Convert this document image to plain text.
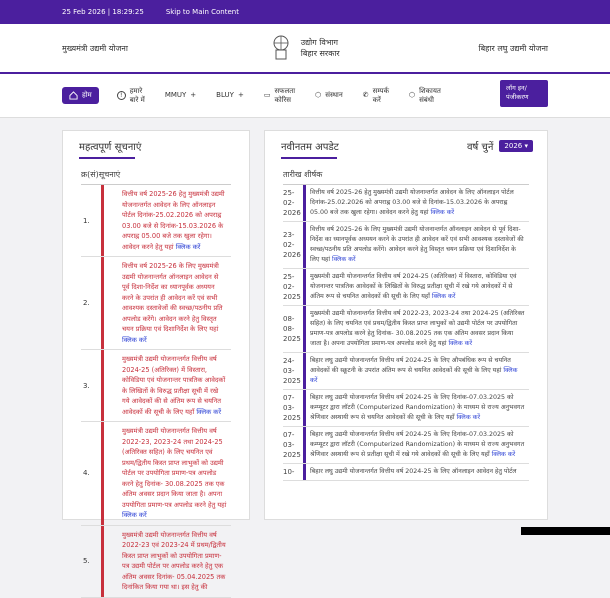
25 Feb 2026 | 18:29:25	Skip to Main Content
मुख्यमंत्री उद्यमी योजना
उद्योग विभाग
बिहार सरकार
बिहार लघु उद्यमी योजना
होम	!
हमारे
बारे में
MMUY +	BLUY +	▭
सफलता
कोरिस
⬡ संस्थान	✆
सम्पर्क
करें
⬡
शिकायत
संबंधी
लॉग इन/ पंजीकरण
महत्वपूर्ण सूचनाएं
क्र(सं)सूचनाएं
1.
वित्तीय वर्ष 2025-26 हेतु मुख्यमंत्री उद्यमी योजनान्तर्गत आवेदन के लिए ऑनलाइन पोर्टल दिनांक-25.02.2026 को अपराह्न 03.00 बजे से दिनांक-15.03.2026 के अपराह्न 05.00 बजे तक खुला रहेगा। आवेदन करने हेतु यहां क्लिक करें
2.
वित्तीय वर्ष 2025-26 के लिए मुख्यमंत्री उद्यमी योजनान्तर्गत ऑनलाइन आवेदन से पूर्व दिशा-निर्देश का ध्यानपूर्वक अध्ययन करने के उपरांत ही आवेदन करें एवं सभी आवश्यक दस्तावेजों की स्वच्छ/पठनीय प्रति अपलोड करेंगे। आवेदन करने हेतु विस्तृत चयन प्रक्रिया एवं दिशानिर्देश के लिए यहां क्लिक करें
3.
मुख्यमंत्री उद्यमी योजनान्तर्गत वित्तीय वर्ष 2024-25 (अतिरिक्त) में विस्तारा, कोविडिया एवं योजनान्तर पात्रतिक आवेदकों के लिखितों के विरुद्ध प्रतीक्षा सूची में रखे गये आवेदकों की से अंतिम रूप से चयनित आवेदकों की सूची के लिए यहाँ क्लिक करें
4.
मुख्यमंत्री उद्यमी योजनान्तर्गत वित्तीय वर्ष 2022-23, 2023-24 तथा 2024-25 (अतिरिक्त सहित) के लिए चयनित एवं प्रथम/द्वितीय किस्त प्राप्त लाभुकों को उद्यमी पोर्टल पर उपयोगिता प्रमाण-पत्र अपलोड करने हेतु दिनांक- 30.08.2025 तक एक अंतिम अवसर प्रदान किया जाता है। अपना उपयोगिता प्रमाण-पत्र अपलोड करने हेतु यहां क्लिक करें
5.
मुख्यमंत्री उद्यमी योजनान्तर्गत वित्तीय वर्ष 2022-23 एवं 2023-24 में प्रथम/द्वितीय किस्त प्राप्त लाभुकों को उपयोगिता प्रमाण-पत्र उद्यमी पोर्टल पर अपलोड करने हेतु एक अंतिम अवसर दिनांक- 05.04.2025 तक दिनांकित किया गया था। इस हेतु की
नवीनतम अपडेट	वर्ष चुनें	2026 ▾
तारीख शीर्षक
25-02-2026
वित्तीय वर्ष 2025-26 हेतु मुख्यमंत्री उद्यमी योजनान्तर्गत आवेदन के लिए ऑनलाइन पोर्टल दिनांक-25.02.2026 को अपराह्न 03.00 बजे से दिनांक-15.03.2026 के अपराह्न 05.00 बजे तक खुला रहेगा। आवेदन करने हेतु यहां क्लिक करें
23-02-2026
वित्तीय वर्ष 2025-26 के लिए मुख्यमंत्री उद्यमी योजनान्तर्गत ऑनलाइन आवेदन से पूर्व दिशा-निर्देश का ध्यानपूर्वक अध्ययन करने के उपरांत ही आवेदन करें एवं सभी आवश्यक दस्तावेजों की स्वच्छ/पठनीय प्रति अपलोड करेंगे। आवेदन करने हेतु विस्तृत चयन प्रक्रिया एवं दिशानिर्देश के लिए यहां क्लिक करें
25-02-2025
मुख्यमंत्री उद्यमी योजनान्तर्गत वित्तीय वर्ष 2024-25 (अतिरिक्त) में विस्तारा, कोविडिया एवं योजनान्तर पात्रतिक आवेदकों के लिखितों के विरुद्ध प्रतीक्षा सूची में रखे गये आवेदकों में से अंतिम रूप से चयनित आवेदकों की सूची के लिए यहाँ क्लिक करें
08-08-2025
मुख्यमंत्री उद्यमी योजनान्तर्गत वित्तीय वर्ष 2022-23, 2023-24 तथा 2024-25 (अतिरिक्त सहित) के लिए चयनित एवं प्रथम/द्वितीय किस्त प्राप्त लाभुकों को उद्यमी पोर्टल पर उपयोगिता प्रमाण-पत्र अपलोड करने हेतु दिनांक- 30.08.2025 तक एक अंतिम अवसर प्रदान किया जाता है। अपना उपयोगिता प्रमाण-पत्र अपलोड करने हेतु यहां क्लिक करें
24-03-2025
बिहार लघु उद्यमी योजनान्तर्गत वित्तीय वर्ष 2024-25 के लिए औपबंधिक रूप से चयनित आवेदकों की स्क्रूटनी के उपरांत अंतिम रूप से चयनित आवेदकों की सूची के लिए यहां क्लिक करें
07-03-2025
बिहार लघु उद्यमी योजनान्तर्गत वित्तीय वर्ष 2024-25 के लिए दिनांक-07.03.2025 को कम्प्यूटर द्वारा लॉटरी (Computerized Randomization) के माध्यम से राज्य अनुभवगत श्रेणिवार अस्थायी रूप से चयनित आवेदकों की सूची के लिए यहाँ क्लिक करें
07-03-2025
बिहार लघु उद्यमी योजनान्तर्गत वित्तीय वर्ष 2024-25 के लिए दिनांक-07.03.2025 को कम्प्यूटर द्वारा लॉटरी (Computerized Randomization) के माध्यम से राज्य अनुभवगत श्रेणिवार अस्थायी रूप से प्रतीक्षा सूची में रखे गये आवेदकों की सूची के लिए यहाँ क्लिक करें
10-	बिहार लघु उद्यमी योजनान्तर्गत वित्तीय वर्ष 2024-25 के लिए ऑनलाइन आवेदन हेतु पोर्टल
